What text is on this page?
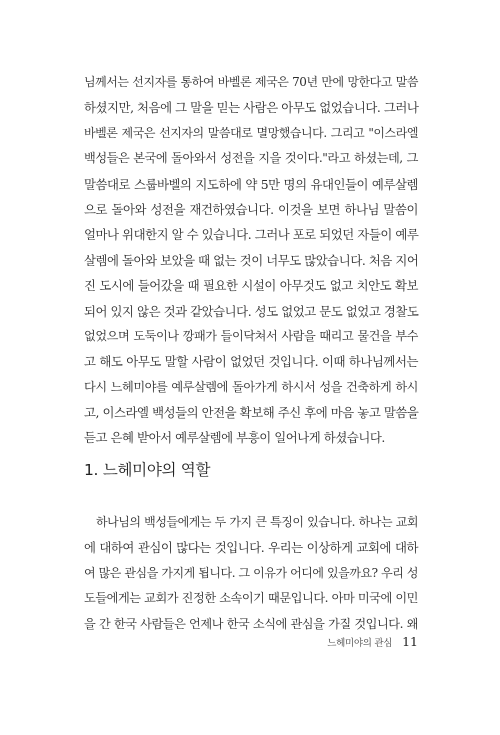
님께서는 선지자를 통하여 바벨론 제국은 70년 만에 망한다고 말씀
하셨지만, 처음에 그 말을 믿는 사람은 아무도 없었습니다. 그러나
바벨론 제국은 선지자의 말씀대로 멸망했습니다. 그리고 "이스라엘
백성들은 본국에 돌아와서 성전을 지을 것이다."라고 하셨는데, 그
말씀대로 스룹바벨의 지도하에 약 5만 명의 유대인들이 예루살렘
으로 돌아와 성전을 재건하였습니다. 이것을 보면 하나님 말씀이
얼마나 위대한지 알 수 있습니다. 그러나 포로 되었던 자들이 예루
살렘에 돌아와 보았을 때 없는 것이 너무도 많았습니다. 처음 지어
진 도시에 들어갔을 때 필요한 시설이 아무것도 없고 치안도 확보
되어 있지 않은 것과 같았습니다. 성도 없었고 문도 없었고 경찰도
없었으며 도둑이나 깡패가 들이닥쳐서 사람을 때리고 물건을 부수
고 해도 아무도 말할 사람이 없었던 것입니다. 이때 하나님께서는
다시 느헤미야를 예루살렘에 돌아가게 하시서 성을 건축하게 하시
고, 이스라엘 백성들의 안전을 확보해 주신 후에 마음 놓고 말씀을
듣고 은혜 받아서 예루살렘에 부흥이 일어나게 하셨습니다.
1. 느헤미야의 역할
하나님의 백성들에게는 두 가지 큰 특징이 있습니다. 하나는 교회
에 대하여 관심이 많다는 것입니다. 우리는 이상하게 교회에 대하
여 많은 관심을 가지게 됩니다. 그 이유가 어디에 있을까요? 우리 성
도들에게는 교회가 진정한 소속이기 때문입니다. 아마 미국에 이민
을 간 한국 사람들은 언제나 한국 소식에 관심을 가질 것입니다. 왜
느헤미야의 관심 11
